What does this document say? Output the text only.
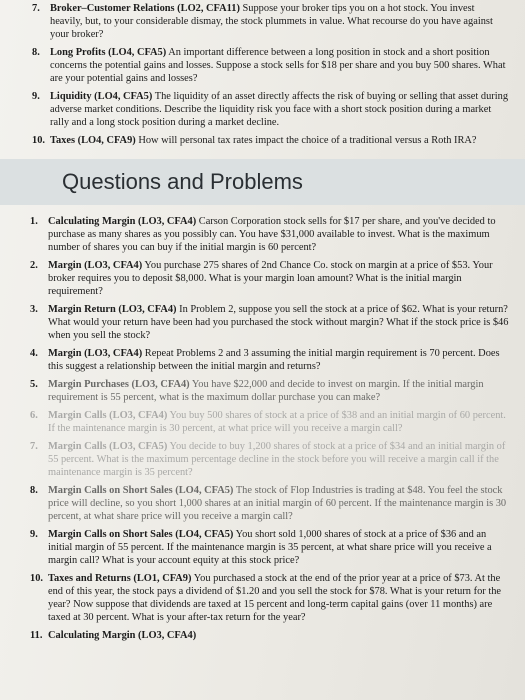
7. Broker–Customer Relations (LO2, CFA11) Suppose your broker tips you on a hot stock. You invest heavily, but, to your considerable dismay, the stock plummets in value. What recourse do you have against your broker?
8. Long Profits (LO4, CFA5) An important difference between a long position in stock and a short position concerns the potential gains and losses. Suppose a stock sells for $18 per share and you buy 500 shares. What are your potential gains and losses?
9. Liquidity (LO4, CFA5) The liquidity of an asset directly affects the risk of buying or selling that asset during adverse market conditions. Describe the liquidity risk you face with a short stock position during a market rally and a long stock position during a market decline.
10. Taxes (LO4, CFA9) How will personal tax rates impact the choice of a traditional versus a Roth IRA?
Questions and Problems
1. Calculating Margin (LO3, CFA4) Carson Corporation stock sells for $17 per share, and you've decided to purchase as many shares as you possibly can. You have $31,000 available to invest. What is the maximum number of shares you can buy if the initial margin is 60 percent?
2. Margin (LO3, CFA4) You purchase 275 shares of 2nd Chance Co. stock on margin at a price of $53. Your broker requires you to deposit $8,000. What is your margin loan amount? What is the initial margin requirement?
3. Margin Return (LO3, CFA4) In Problem 2, suppose you sell the stock at a price of $62. What is your return? What would your return have been had you purchased the stock without margin? What if the stock price is $46 when you sell the stock?
4. Margin (LO3, CFA4) Repeat Problems 2 and 3 assuming the initial margin requirement is 70 percent. Does this suggest a relationship between the initial margin and returns?
5. Margin Purchases (LO3, CFA4) You have $22,000 and decide to invest on margin. If the initial margin requirement is 55 percent, what is the maximum dollar purchase you can make?
6. Margin Calls (LO3, CFA4) You buy 500 shares of stock at a price of $38 and an initial margin of 60 percent. If the maintenance margin is 30 percent, at what price will you receive a margin call?
7. Margin Calls (LO3, CFA5) You decide to buy 1,200 shares of stock at a price of $34 and an initial margin of 55 percent. What is the maximum percentage decline in the stock before you will receive a margin call if the maintenance margin is 35 percent?
8. Margin Calls on Short Sales (LO4, CFA5) The stock of Flop Industries is trading at $48. You feel the stock price will decline, so you short 1,000 shares at an initial margin of 60 percent. If the maintenance margin is 30 percent, at what share price will you receive a margin call?
9. Margin Calls on Short Sales (LO4, CFA5) You short sold 1,000 shares of stock at a price of $36 and an initial margin of 55 percent. If the maintenance margin is 35 percent, at what share price will you receive a margin call? What is your account equity at this stock price?
10. Taxes and Returns (LO1, CFA9) You purchased a stock at the end of the prior year at a price of $73. At the end of this year, the stock pays a dividend of $1.20 and you sell the stock for $78. What is your return for the year? Now suppose that dividends are taxed at 15 percent and long-term capital gains (over 11 months) are taxed at 30 percent. What is your after-tax return for the year?
11. Calculating Margin (LO3, CFA4)
